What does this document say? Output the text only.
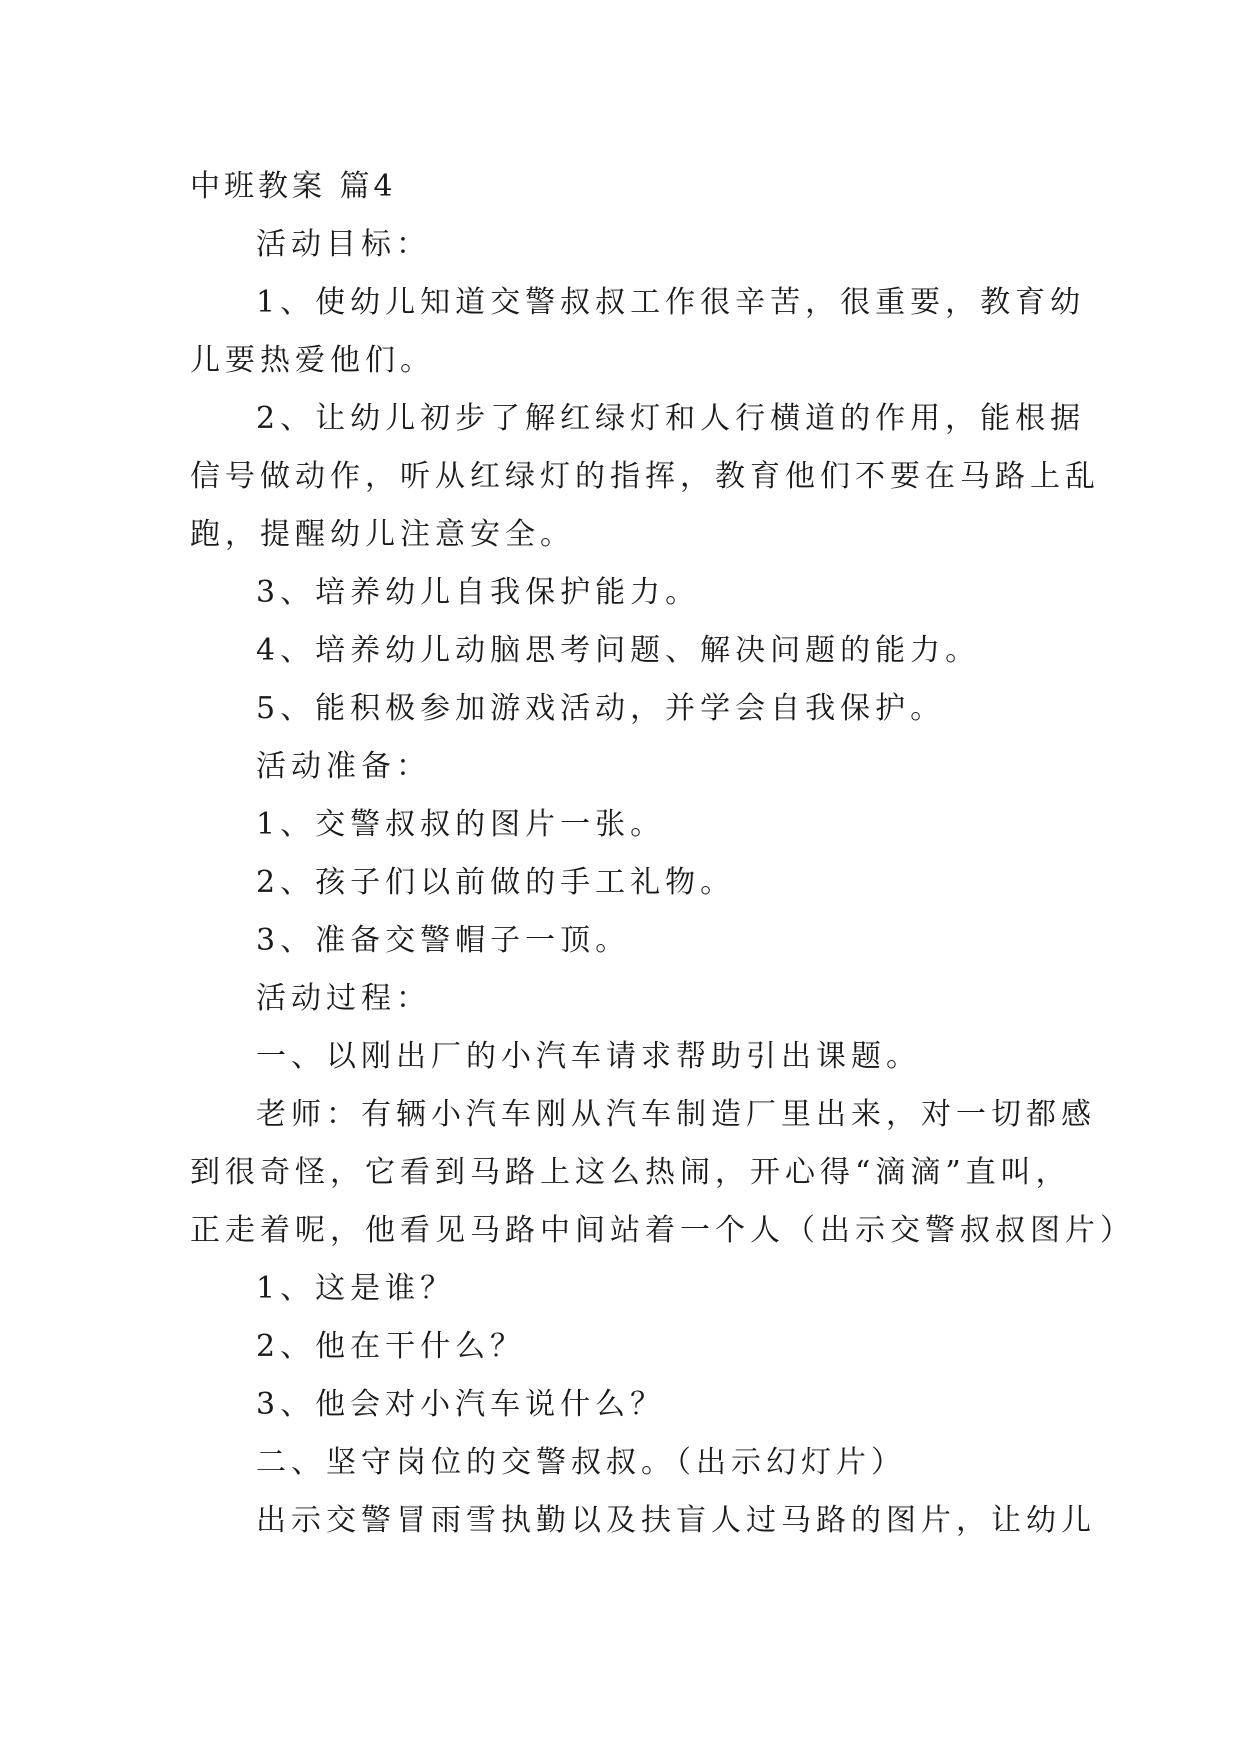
中班教案 篇4
活动目标：
1、使幼儿知道交警叔叔工作很辛苦，很重要，教育幼
儿要热爱他们。
2、让幼儿初步了解红绿灯和人行横道的作用，能根据
信号做动作，听从红绿灯的指挥，教育他们不要在马路上乱
跑，提醒幼儿注意安全。
3、培养幼儿自我保护能力。
4、培养幼儿动脑思考问题、解决问题的能力。
5、能积极参加游戏活动，并学会自我保护。
活动准备：
1、交警叔叔的图片一张。
2、孩子们以前做的手工礼物。
3、准备交警帽子一顶。
活动过程：
一、以刚出厂的小汽车请求帮助引出课题。
老师：有辆小汽车刚从汽车制造厂里出来，对一切都感
到很奇怪，它看到马路上这么热闹，开心得“滴滴”直叫，
正走着呢，他看见马路中间站着一个人（出示交警叔叔图片）
1、这是谁？
2、他在干什么？
3、他会对小汽车说什么？
二、坚守岗位的交警叔叔。（出示幻灯片）
出示交警冒雨雪执勤以及扶盲人过马路的图片，让幼儿
